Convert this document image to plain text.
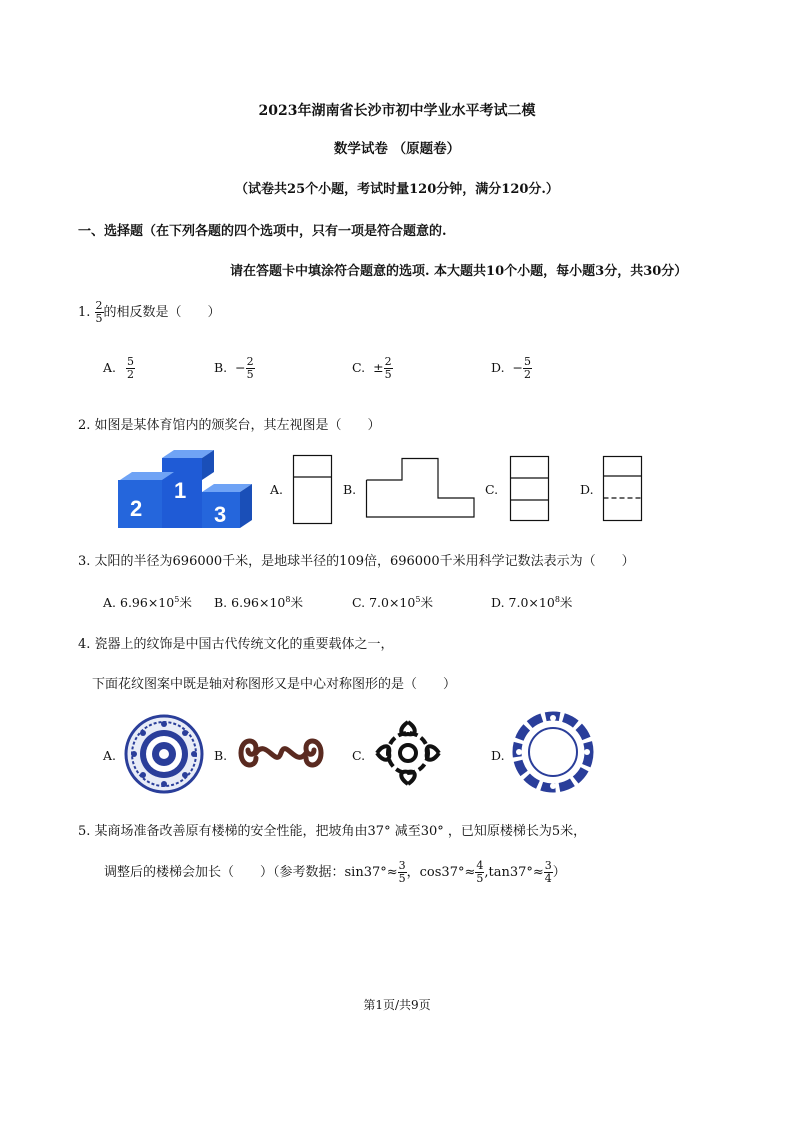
2023年湖南省长沙市初中学业水平考试二模
数学试卷 （原题卷）
（试卷共25个小题，考试时量120分钟，满分120分.）
一、选择题（在下列各题的四个选项中，只有一项是符合题意的.
请在答题卡中填涂符合题意的选项. 本大题共10个小题，每小题3分，共30分）
1. $\frac{2}{5}$ 的相反数是（　　）
A. $\frac{5}{2}$	B. − $\frac{2}{5}$	C. ± $\frac{2}{5}$	D. − $\frac{5}{2}$
2. 如图是某体育馆内的颁奖台，其左视图是（　　）
2
1
3
A.	B.	C.	D.
3. 太阳的半径为696000千米，是地球半径的109倍，696000千米用科学记数法表示为（　　）
A. $6.96\times 10^5$米 B. $6.96\times 10^8$米	C. $7.0\times 10^5$米	D. $7.0\times 10^8$米
4. 瓷器上的纹饰是中国古代传统文化的重要载体之一，
下面花纹图案中既是轴对称图形又是中心对称图形的是（　　）
A.	B.	C.	D.
5. 某商场准备改善原有楼梯的安全性能，把坡角由37° 减至30° ，已知原楼梯长为5米，
调整后的楼梯会加长（　　）（参考数据：$\sin 37^\circ\approx \frac{3}{5}$ ，$\cos 37^\circ\approx \frac{4}{5} ,\tan 37^\circ\approx \frac{3}{4}$ ）
第1页/共9页
